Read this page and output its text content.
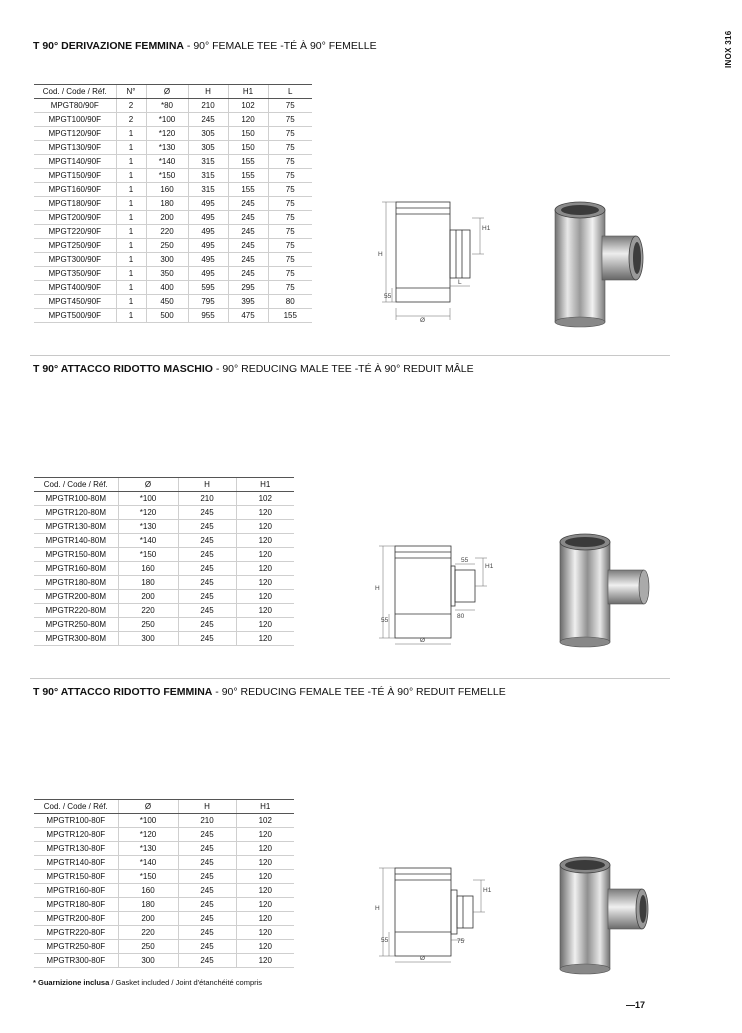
INOX 316
T 90° DERIVAZIONE FEMMINA - 90° FEMALE TEE -TÉ À 90° FEMELLE
Cod. / Code / Réf.	N°	Ø	H	H1	L
MPGT80/90F	2	*80	210	102	75
MPGT100/90F	2	*100	245	120	75
MPGT120/90F	1	*120	305	150	75
MPGT130/90F	1	*130	305	150	75
MPGT140/90F	1	*140	315	155	75
MPGT150/90F	1	*150	315	155	75
MPGT160/90F	1	160	315	155	75
MPGT180/90F	1	180	495	245	75
MPGT200/90F	1	200	495	245	75
MPGT220/90F	1	220	495	245	75
MPGT250/90F	1	250	495	245	75
MPGT300/90F	1	300	495	245	75
MPGT350/90F	1	350	495	245	75
MPGT400/90F	1	400	595	295	75
MPGT450/90F	1	450	795	395	80
MPGT500/90F	1	500	955	475	155
H
H1
L
55
Ø
T 90° ATTACCO RIDOTTO MASCHIO - 90° REDUCING MALE TEE -TÉ À 90° REDUIT MÂLE
Cod. / Code / Réf.	Ø	H	H1
MPGTR100-80M	*100	210	102
MPGTR120-80M	*120	245	120
MPGTR130-80M	*130	245	120
MPGTR140-80M	*140	245	120
MPGTR150-80M	*150	245	120
MPGTR160-80M	160	245	120
MPGTR180-80M	180	245	120
MPGTR200-80M	200	245	120
MPGTR220-80M	220	245	120
MPGTR250-80M	250	245	120
MPGTR300-80M	300	245	120
H
H1
55
80
55
Ø
T 90° ATTACCO RIDOTTO FEMMINA - 90° REDUCING FEMALE TEE -TÉ À 90° REDUIT FEMELLE
Cod. / Code / Réf.	Ø	H	H1
MPGTR100-80F	*100	210	102
MPGTR120-80F	*120	245	120
MPGTR130-80F	*130	245	120
MPGTR140-80F	*140	245	120
MPGTR150-80F	*150	245	120
MPGTR160-80F	160	245	120
MPGTR180-80F	180	245	120
MPGTR200-80F	200	245	120
MPGTR220-80F	220	245	120
MPGTR250-80F	250	245	120
MPGTR300-80F	300	245	120
H
H1
75
55
Ø
* Guarnizione inclusa / Gasket included / Joint d'étanchéité compris
—17
